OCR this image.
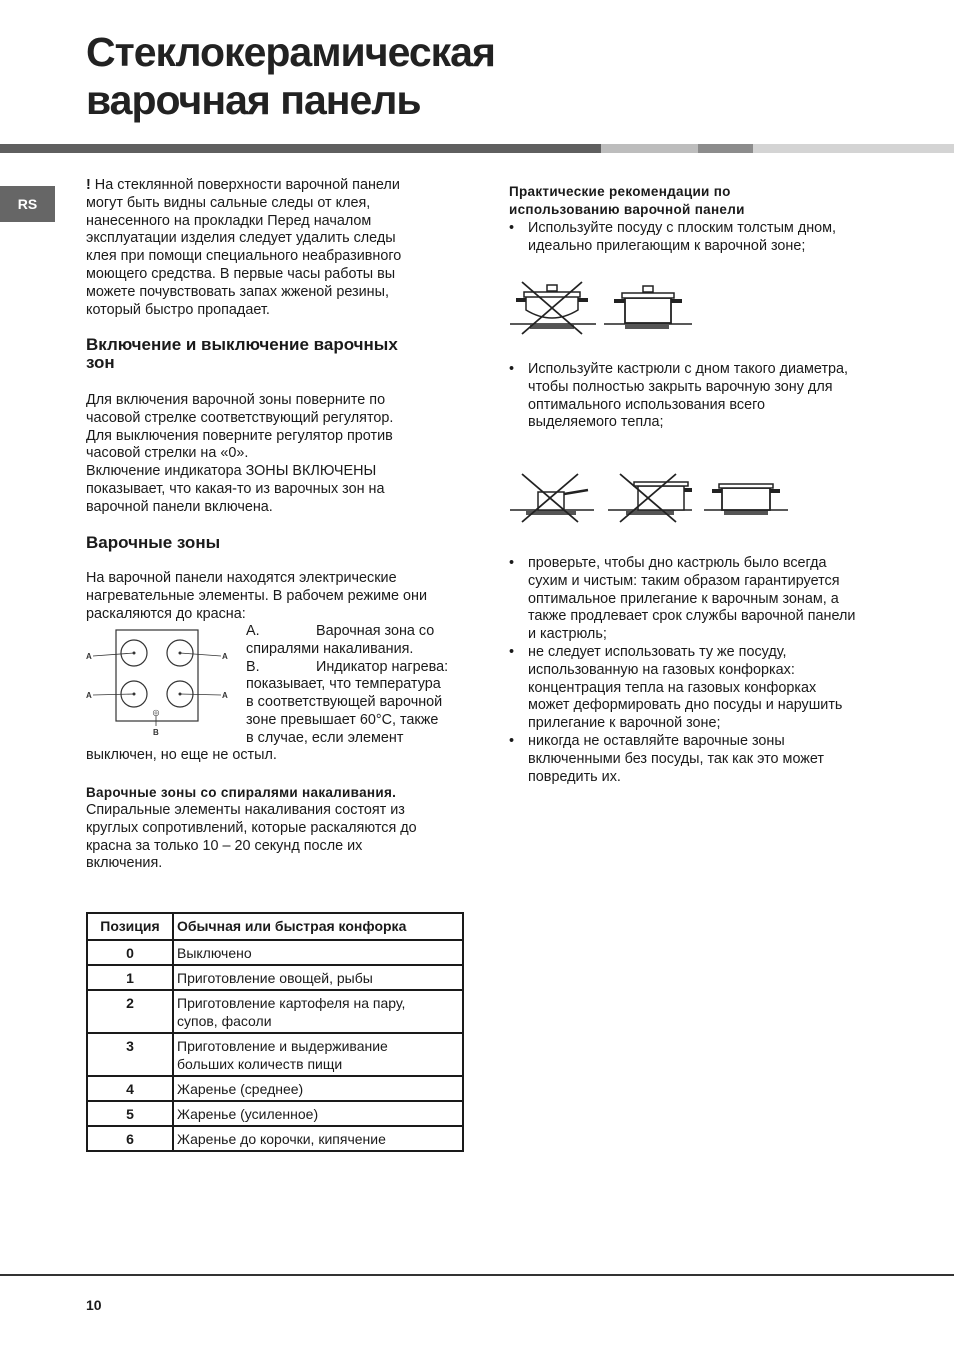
Стеклокерамическая
варочная панель
RS
! На стеклянной поверхности варочной панели
могут быть видны сальные следы от клея,
нанесенного на прокладки Перед началом
эксплуатации изделия следует удалить следы
клея при помощи специального неабразивного
моющего средства. В первые часы работы вы
можете почувствовать запах жженой резины,
который быстро пропадает.
Включение и выключение варочных
зон
Для включения варочной зоны поверните по
часовой стрелке соответствующий регулятор.
Для выключения поверните регулятор против
часовой стрелки на «0».
Включение индикатора ЗОНЫ ВКЛЮЧЕНЫ
показывает, что какая-то из варочных зон на
варочной панели включена.
Варочные зоны
На варочной панели находятся электрические
нагревательные элементы. В рабочем режиме они
раскаляются до красна:
◎
A
A
A
A
B
A.	Варочная зона со
спиралями накаливания.
B.	Индикатор нагрева:
показывает, что температура
в соответствующей варочной
зоне превышает 60°C, также
в случае, если элемент
выключен, но еще не остыл.
Варочные зоны со спиралями накаливания.
Спиральные элементы накаливания состоят из
круглых сопротивлений, которые раскаляются до
красна за только 10 – 20 секунд после их
включения.
Позиция	Обычная или быстрая конфорка
0	Выключено

1	Приготовление овощей, рыбы

2	Приготовление картофеля на пару,
супов, фасоли

3	Приготовление и выдерживание
больших количеств пищи

4	Жаренье (среднее)

5	Жаренье (усиленное)

6	Жаренье до корочки, кипячение
Практические рекомендации по
использованию варочной панели
• Используйте посуду с плоским толстым дном,
идеально прилегающим к варочной зоне;
• Используйте кастрюли с дном такого диаметра,
чтобы полностью закрыть варочную зону для
оптимального использования всего
выделяемого тепла;
• проверьте, чтобы дно кастрюль было всегда
сухим и чистым: таким образом гарантируется
оптимальное прилегание к варочным зонам, а
также продлевает срок службы варочной панели
и кастрюль;
• не следует использовать ту же посуду,
использованную на газовых конфорках:
концентрация тепла на газовых конфорках
может деформировать дно посуды и нарушить
прилегание к варочной зоне;
• никогда не оставляйте варочные зоны
включенными без посуды, так как это может
повредить их.
10
